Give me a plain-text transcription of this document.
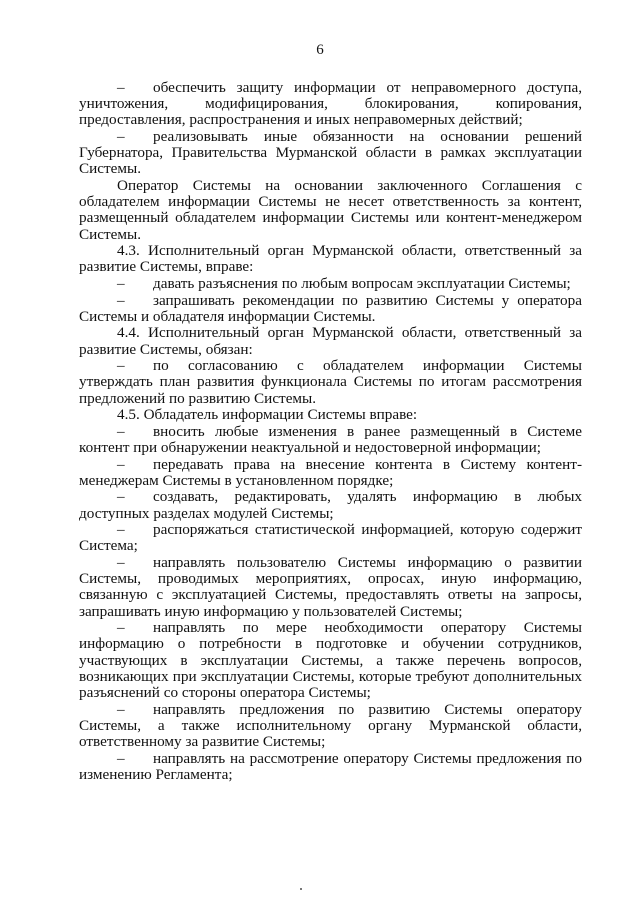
6

– обеспечить защиту информации от неправомерного доступа, уничтожения, модифицирования, блокирования, копирования, предоставления, распространения и иных неправомерных действий;

– реализовывать иные обязанности на основании решений Губернатора, Правительства Мурманской области в рамках эксплуатации Системы.

Оператор Системы на основании заключенного Соглашения с обладателем информации Системы не несет ответственность за контент, размещенный обладателем информации Системы или контент-менеджером Системы.

4.3. Исполнительный орган Мурманской области, ответственный за развитие Системы, вправе:

– давать разъяснения по любым вопросам эксплуатации Системы;

– запрашивать рекомендации по развитию Системы у оператора Системы и обладателя информации Системы.

4.4. Исполнительный орган Мурманской области, ответственный за развитие Системы, обязан:

– по согласованию с обладателем информации Системы утверждать план развития функционала Системы по итогам рассмотрения предложений по развитию Системы.

4.5. Обладатель информации Системы вправе:

– вносить любые изменения в ранее размещенный в Системе контент при обнаружении неактуальной и недостоверной информации;

– передавать права на внесение контента в Систему контент-менеджерам Системы в установленном порядке;

– создавать, редактировать, удалять информацию в любых доступных разделах модулей Системы;

– распоряжаться статистической информацией, которую содержит Система;

– направлять пользователю Системы информацию о развитии Системы, проводимых мероприятиях, опросах, иную информацию, связанную с эксплуатацией Системы, предоставлять ответы на запросы, запрашивать иную информацию у пользователей Системы;

– направлять по мере необходимости оператору Системы информацию о потребности в подготовке и обучении сотрудников, участвующих в эксплуатации Системы, а также перечень вопросов, возникающих при эксплуатации Системы, которые требуют дополнительных разъяснений со стороны оператора Системы;

– направлять предложения по развитию Системы оператору Системы, а также исполнительному органу Мурманской области, ответственному за развитие Системы;

– направлять на рассмотрение оператору Системы предложения по изменению Регламента;
